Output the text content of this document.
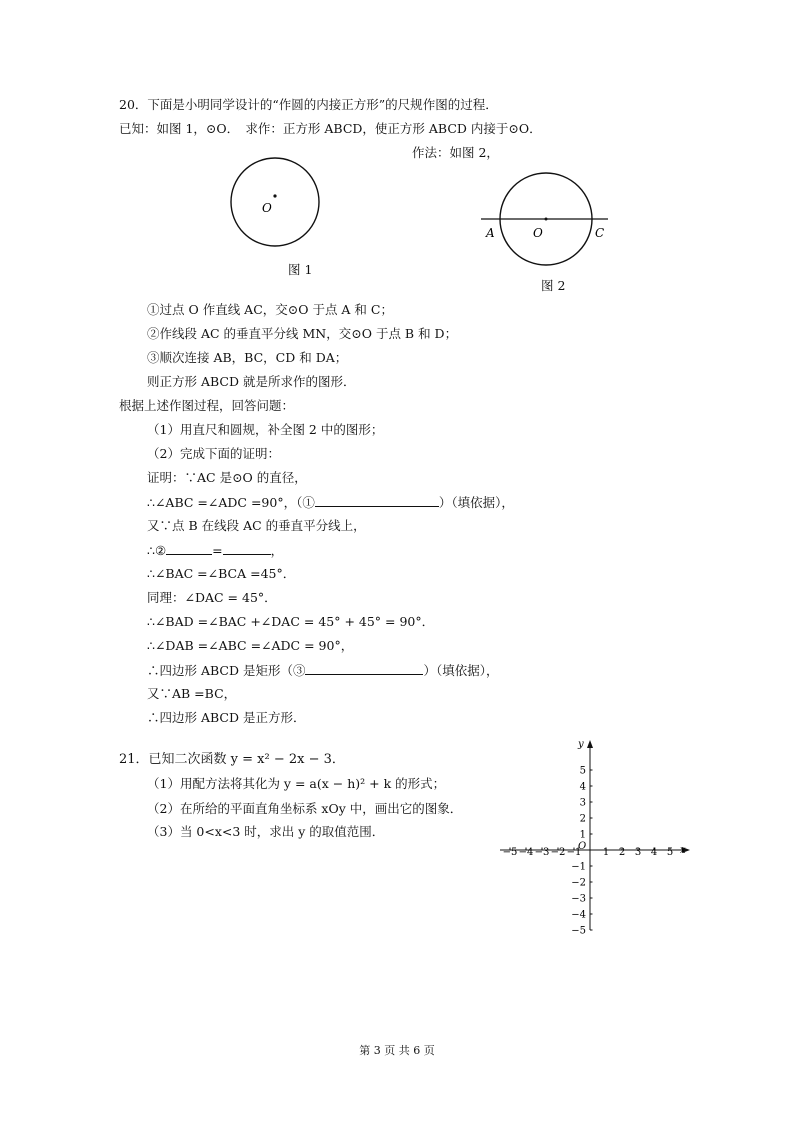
20．下面是小明同学设计的“作圆的内接正方形”的尺规作图的过程．
已知：如图 1，⊙O．　求作：正方形 ABCD，使正方形 ABCD 内接于⊙O．
作法：如图 2，
O
图 1
A	O	C
图 2
①过点 O 作直线 AC，交⊙O 于点 A 和 C；
②作线段 AC 的垂直平分线 MN，交⊙O 于点 B 和 D；
③顺次连接 AB，BC，CD 和 DA；
则正方形 ABCD 就是所求作的图形．
根据上述作图过程，回答问题：
（1）用直尺和圆规，补全图 2 中的图形；
（2）完成下面的证明：
证明：∵AC 是⊙O 的直径，
∴∠ABC =∠ADC =90°，（①	）（填依据），
又∵点 B 在线段 AC 的垂直平分线上，
∴②	=	，
∴∠BAC =∠BCA =45°．
同理：∠DAC = 45°．
∴∠BAD =∠BAC +∠DAC = 45° + 45° = 90°．
∴∠DAB =∠ABC =∠ADC = 90°，
∴四边形 ABCD 是矩形（③	）（填依据），
又∵AB =BC，
∴四边形 ABCD 是正方形．
21．已知二次函数 y = x² − 2x − 3．
（1）用配方法将其化为 y = a(x − h)² + k 的形式；
（2）在所给的平面直角坐标系 xOy 中，画出它的图象．
（3）当 0<x<3 时，求出 y 的取值范围．
x
y
O
−5 −4 −3 −2 −1 1 2 3 4 5
5
4
3
2
1
−1
−2
−3
−4
−5
第 3 页 共 6 页
